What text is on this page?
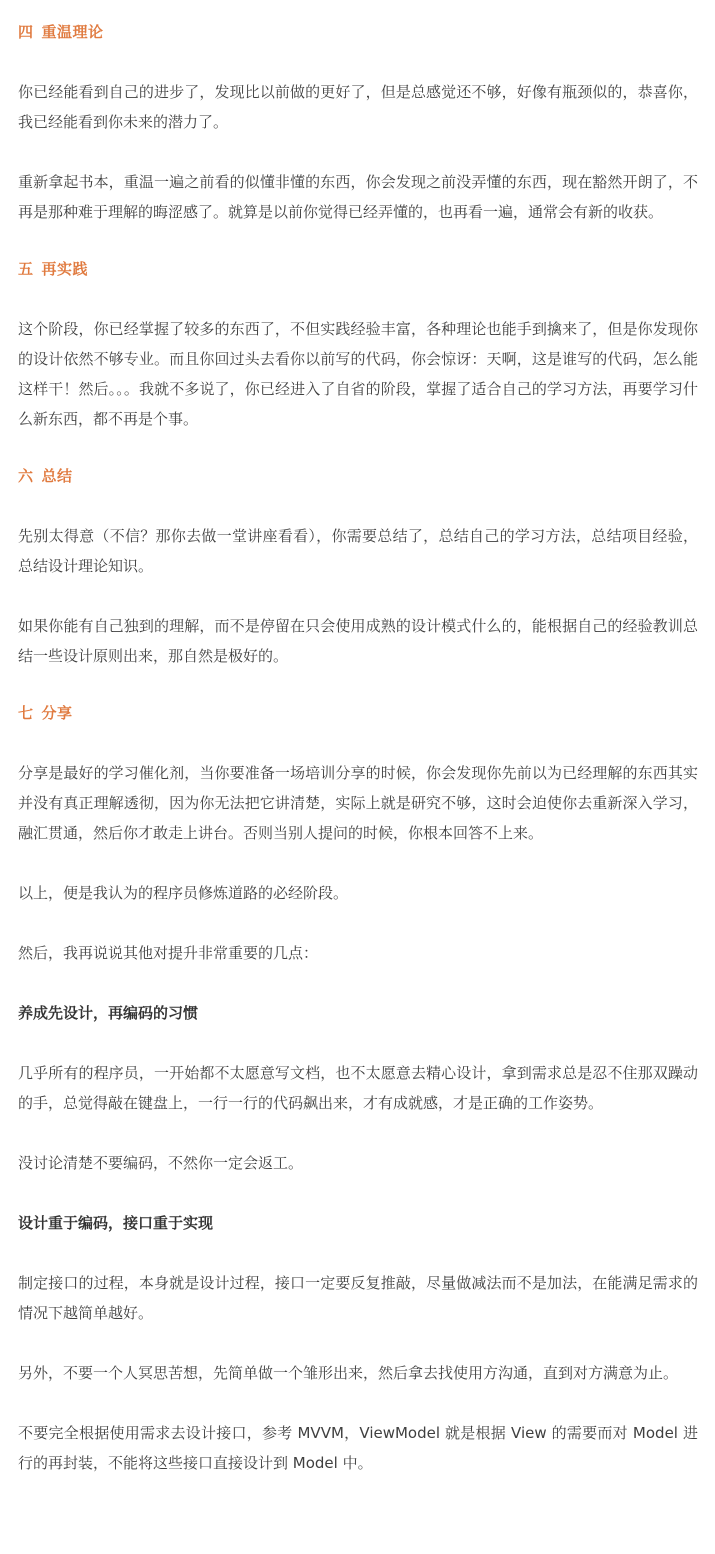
四 重温理论

你已经能看到自己的进步了，发现比以前做的更好了，但是总感觉还不够，好像有瓶颈似的，恭喜你，我已经能看到你未来的潜力了。

重新拿起书本，重温一遍之前看的似懂非懂的东西，你会发现之前没弄懂的东西，现在豁然开朗了，不再是那种难于理解的晦涩感了。就算是以前你觉得已经弄懂的，也再看一遍，通常会有新的收获。

五 再实践

这个阶段，你已经掌握了较多的东西了，不但实践经验丰富，各种理论也能手到擒来了，但是你发现你的设计依然不够专业。而且你回过头去看你以前写的代码，你会惊讶：天啊，这是谁写的代码，怎么能这样干！然后。。。我就不多说了，你已经进入了自省的阶段，掌握了适合自己的学习方法，再要学习什么新东西，都不再是个事。

六 总结

先别太得意（不信？那你去做一堂讲座看看），你需要总结了，总结自己的学习方法，总结项目经验，总结设计理论知识。

如果你能有自己独到的理解，而不是停留在只会使用成熟的设计模式什么的，能根据自己的经验教训总结一些设计原则出来，那自然是极好的。

七 分享

分享是最好的学习催化剂，当你要准备一场培训分享的时候，你会发现你先前以为已经理解的东西其实并没有真正理解透彻，因为你无法把它讲清楚，实际上就是研究不够，这时会迫使你去重新深入学习，融汇贯通，然后你才敢走上讲台。否则当别人提问的时候，你根本回答不上来。

以上，便是我认为的程序员修炼道路的必经阶段。

然后，我再说说其他对提升非常重要的几点：

养成先设计，再编码的习惯

几乎所有的程序员，一开始都不太愿意写文档，也不太愿意去精心设计，拿到需求总是忍不住那双躁动的手，总觉得敲在键盘上，一行一行的代码飙出来，才有成就感，才是正确的工作姿势。

没讨论清楚不要编码，不然你一定会返工。

设计重于编码，接口重于实现

制定接口的过程，本身就是设计过程，接口一定要反复推敲，尽量做减法而不是加法，在能满足需求的情况下越简单越好。

另外，不要一个人冥思苦想，先简单做一个雏形出来，然后拿去找使用方沟通，直到对方满意为止。

不要完全根据使用需求去设计接口，参考 MVVM，ViewModel 就是根据 View 的需要而对 Model 进行的再封装，不能将这些接口直接设计到 Model 中。
